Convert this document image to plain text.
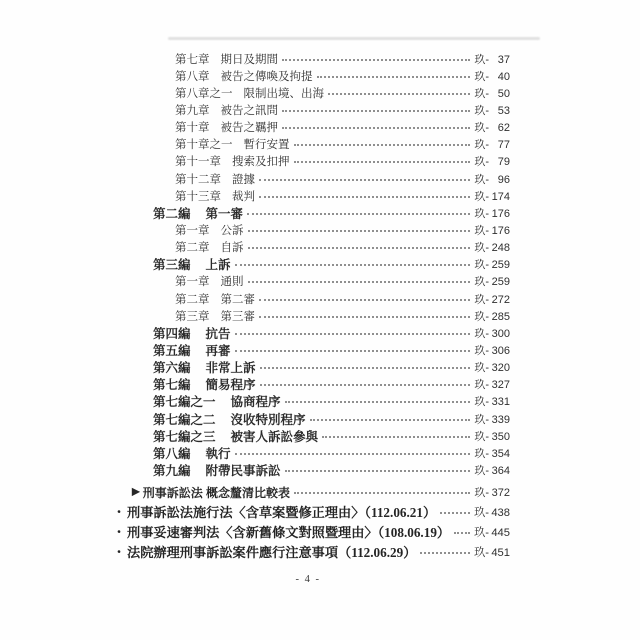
第七章 期日及期間	玖- 37
第八章 被告之傳喚及拘提	玖- 40
第八章之一 限制出境、出海	玖- 50
第九章 被告之訊問	玖- 53
第十章 被告之羈押	玖- 62
第十章之一 暫行安置	玖- 77
第十一章 搜索及扣押	玖- 79
第十二章 證據	玖- 96
第十三章 裁判	玖- 174
第二編 第一審	玖- 176
第一章 公訴	玖- 176
第二章 自訴	玖- 248
第三編 上訴	玖- 259
第一章 通則	玖- 259
第二章 第二審	玖- 272
第三章 第三審	玖- 285
第四編 抗告	玖- 300
第五編 再審	玖- 306
第六編 非常上訴	玖- 320
第七編 簡易程序	玖- 327
第七編之一 協商程序	玖- 331
第七編之二 沒收特別程序	玖- 339
第七編之三 被害人訴訟參與	玖- 350
第八編 執行	玖- 354
第九編 附帶民事訴訟	玖- 364
▶ 刑事訴訟法 概念釐清比較表	玖- 372
・ 刑事訴訟法施行法〈含草案暨修正理由〉（112.06.21）	玖- 438
・ 刑事妥速審判法〈含新舊條文對照暨理由〉（108.06.19） 玖- 445
・ 法院辦理刑事訴訟案件應行注意事項（112.06.29）	玖- 451
- 4 -
